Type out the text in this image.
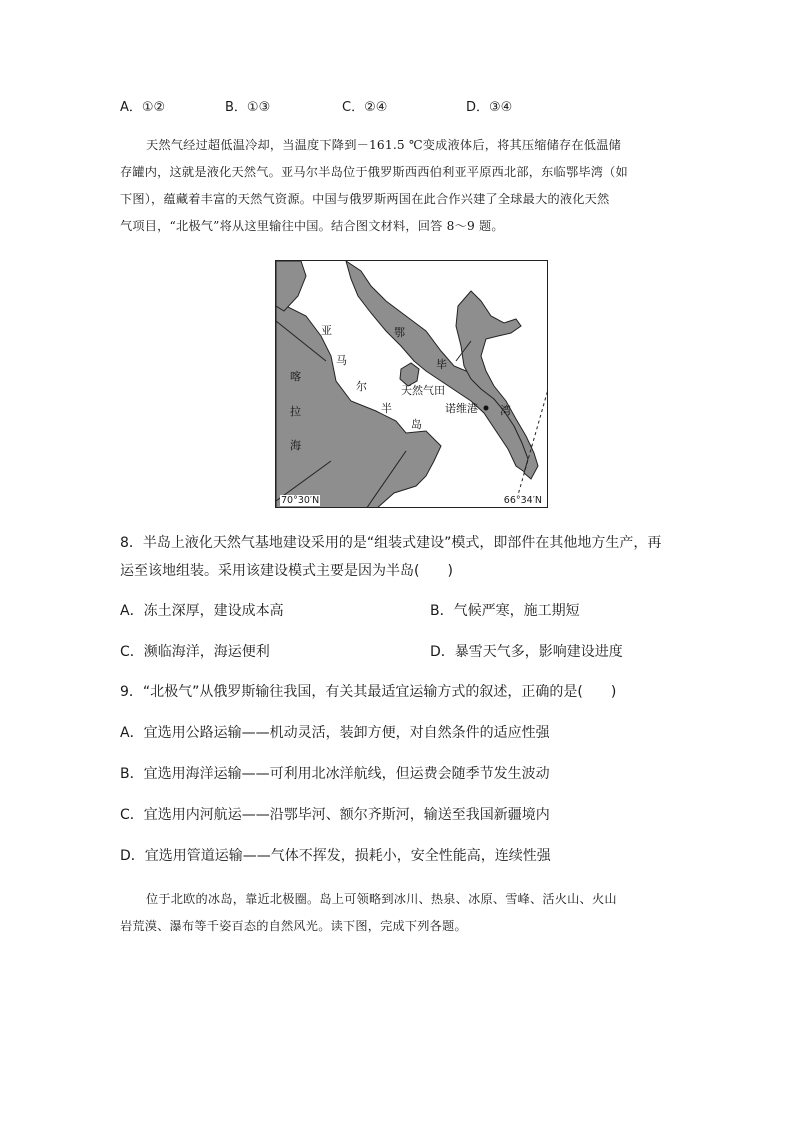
A．①②	B．①③	C．②④	D．③④
天然气经过超低温冷却，当温度下降到－161.5 ℃变成液体后，将其压缩储存在低温储
存罐内，这就是液化天然气。亚马尔半岛位于俄罗斯西西伯利亚平原西北部，东临鄂毕湾（如
下图），蕴藏着丰富的天然气资源。中国与俄罗斯两国在此合作兴建了全球最大的液化天然
气项目，“北极气”将从这里输往中国。结合图文材料，回答 8～9 题。
亚
马
尔
半
岛
喀
拉
海
鄂
毕
湾
天然气田
诺维港
70°30′N	66°34′N
8．半岛上液化天然气基地建设采用的是“组装式建设”模式，即部件在其他地方生产，再
运至该地组装。采用该建设模式主要是因为半岛(　　)
A．冻土深厚，建设成本高	B．气候严寒，施工期短
C．濒临海洋，海运便利	D．暴雪天气多，影响建设进度
9．“北极气”从俄罗斯输往我国，有关其最适宜运输方式的叙述，正确的是(　　)
A．宜选用公路运输——机动灵活，装卸方便，对自然条件的适应性强
B．宜选用海洋运输——可利用北冰洋航线，但运费会随季节发生波动
C．宜选用内河航运——沿鄂毕河、额尔齐斯河，输送至我国新疆境内
D．宜选用管道运输——气体不挥发，损耗小，安全性能高，连续性强
位于北欧的冰岛，靠近北极圈。岛上可领略到冰川、热泉、冰原、雪峰、活火山、火山
岩荒漠、瀑布等千姿百态的自然风光。读下图，完成下列各题。
